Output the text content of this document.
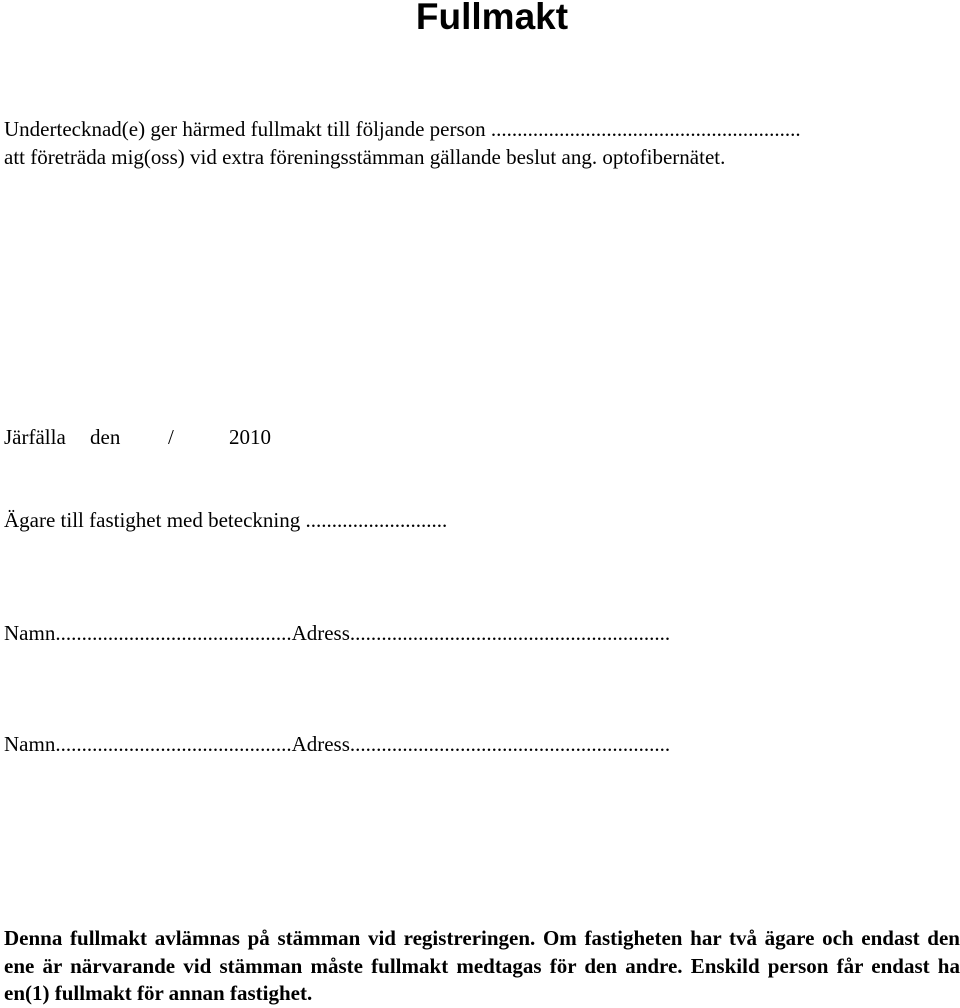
Fullmakt
Undertecknad(e) ger härmed fullmakt till följande person ...........................................................
att företräda mig(oss) vid extra föreningsstämman gällande beslut ang. optofibernätet.
Järfälla den /	2010
Ägare till fastighet med beteckning ...........................
Namn.............................................Adress.............................................................
Namn.............................................Adress.............................................................
Denna fullmakt avlämnas på stämman vid registreringen. Om fastigheten har två ägare och endast den ene är närvarande vid stämman måste fullmakt medtagas för den andre. Enskild person får endast ha en(1) fullmakt för annan fastighet.
